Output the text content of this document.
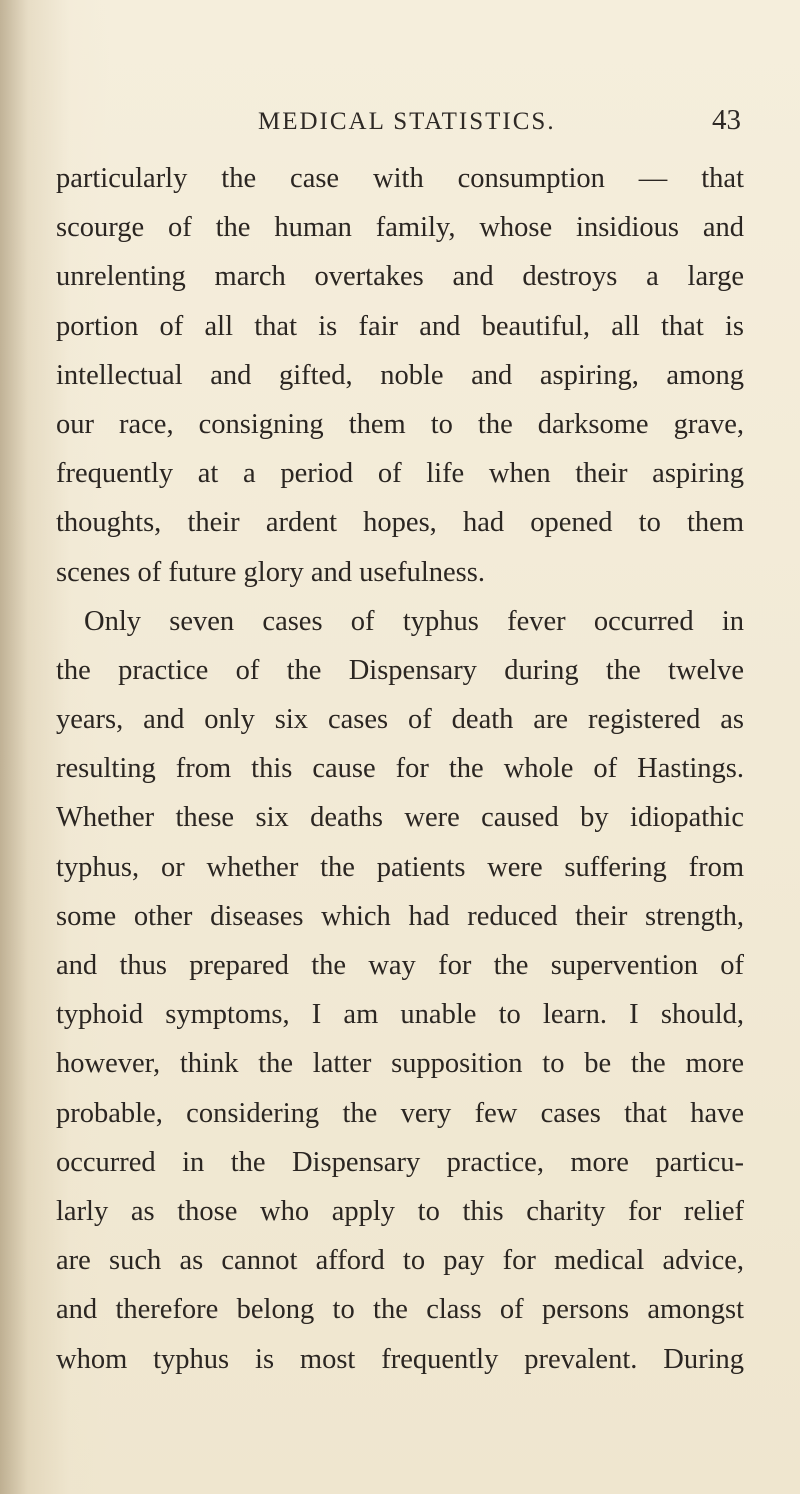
MEDICAL STATISTICS.	43
particularly the case with consumption — that
scourge of the human family, whose insidious and
unrelenting march overtakes and destroys a large
portion of all that is fair and beautiful, all that is
intellectual and gifted, noble and aspiring, among
our race, consigning them to the darksome grave,
frequently at a period of life when their aspiring
thoughts, their ardent hopes, had opened to them
scenes of future glory and usefulness.
Only seven cases of typhus fever occurred in
the practice of the Dispensary during the twelve
years, and only six cases of death are registered as
resulting from this cause for the whole of Hastings.
Whether these six deaths were caused by idiopathic
typhus, or whether the patients were suffering from
some other diseases which had reduced their strength,
and thus prepared the way for the supervention of
typhoid symptoms, I am unable to learn. I should,
however, think the latter supposition to be the more
probable, considering the very few cases that have
occurred in the Dispensary practice, more particu-
larly as those who apply to this charity for relief
are such as cannot afford to pay for medical advice,
and therefore belong to the class of persons amongst
whom typhus is most frequently prevalent. During
